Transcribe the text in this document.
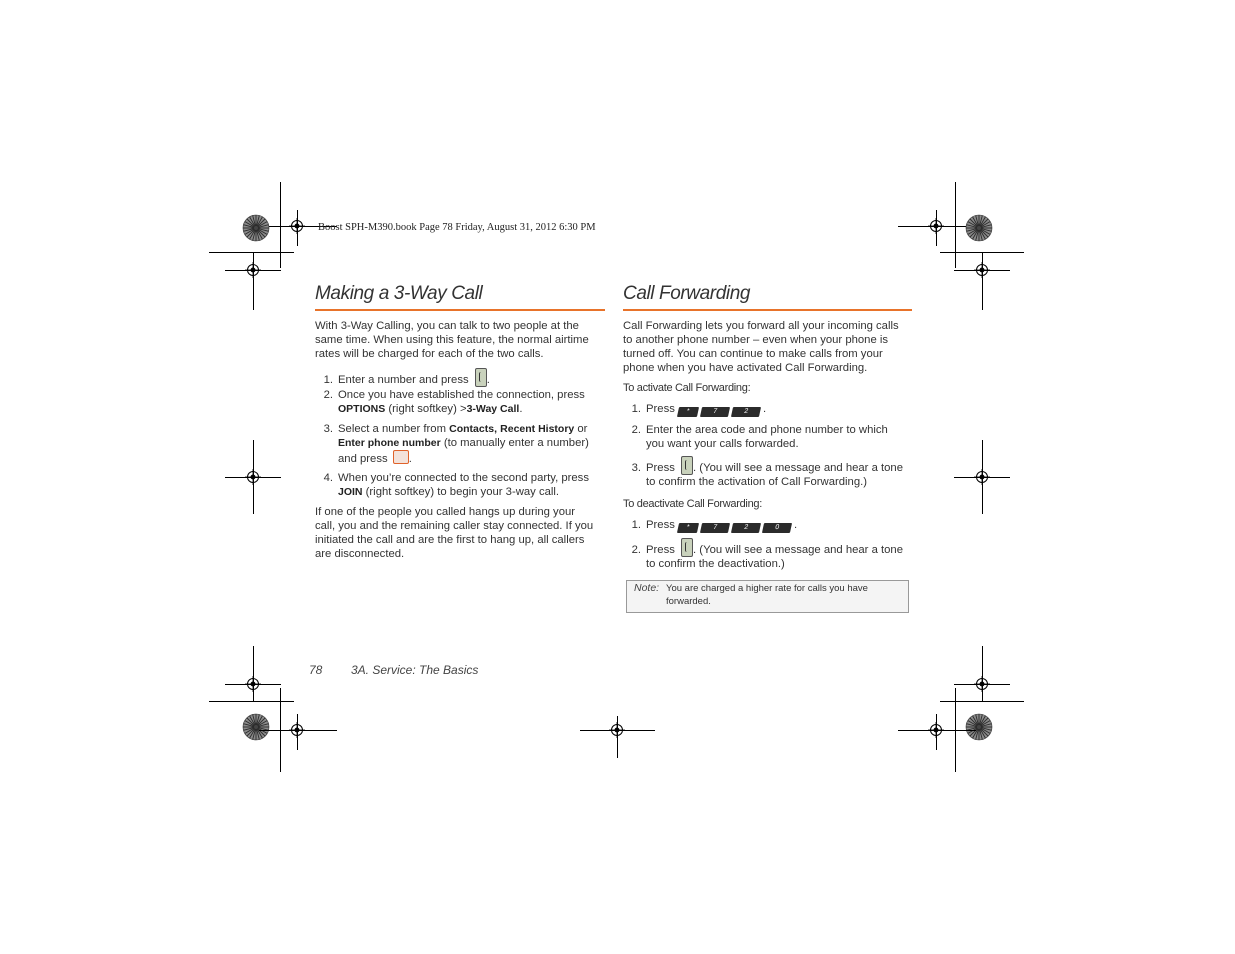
Boost SPH-M390.book Page 78 Friday, August 31, 2012 6:30 PM
Making a 3-Way Call
With 3-Way Calling, you can talk to two people at the
same time. When using this feature, the normal airtime
rates will be charged for each of the two calls.
1. Enter a number and press .
2. Once you have established the connection, press
OPTIONS (right softkey) >3-Way Call.
3. Select a number from Contacts, Recent History or
Enter phone number (to manually enter a number)
and press .
4. When you’re connected to the second party, press
JOIN (right softkey) to begin your 3-way call.
If one of the people you called hangs up during your
call, you and the remaining caller stay connected. If you
initiated the call and are the first to hang up, all callers
are disconnected.
Call Forwarding
Call Forwarding lets you forward all your incoming calls
to another phone number – even when your phone is
turned off. You can continue to make calls from your
phone when you have activated Call Forwarding.
To activate Call Forwarding:
1. Press *	7	2 .
2. Enter the area code and phone number to which
you want your calls forwarded.
3. Press . (You will see a message and hear a tone
to confirm the activation of Call Forwarding.)
To deactivate Call Forwarding:
1. Press *	7	2	0 .
2. Press . (You will see a message and hear a tone
to confirm the deactivation.)
Note: You are charged a higher rate for calls you have
forwarded.
78 3A. Service: The Basics
